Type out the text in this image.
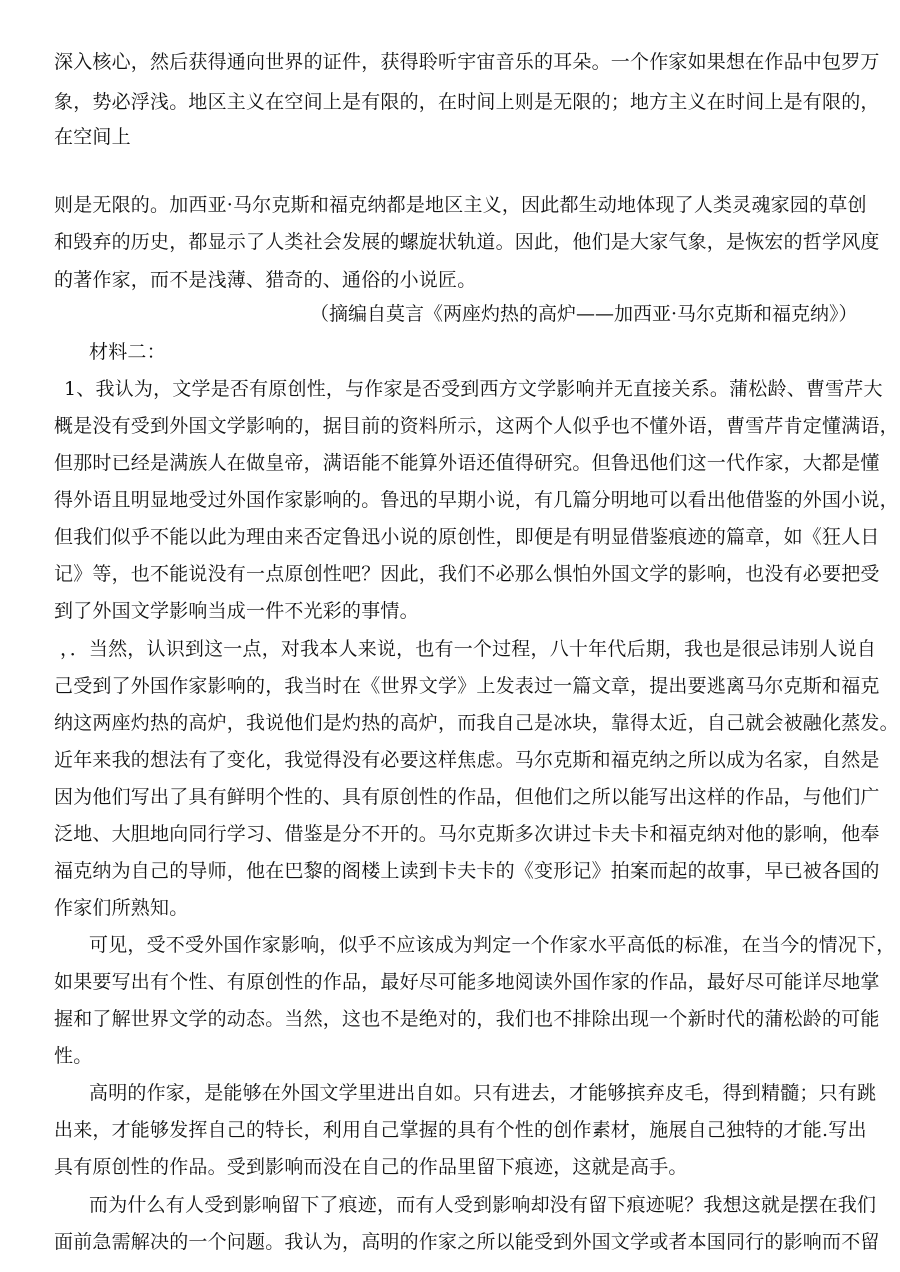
深入核心，然后获得通向世界的证件，获得聆听宇宙音乐的耳朵。一个作家如果想在作品中包罗万
象，势必浮浅。地区主义在空间上是有限的，在时间上则是无限的；地方主义在时间上是有限的，
在空间上
则是无限的。加西亚·马尔克斯和福克纳都是地区主义，因此都生动地体现了人类灵魂家园的草创
和毁弃的历史，都显示了人类社会发展的螺旋状轨道。因此，他们是大家气象，是恢宏的哲学风度
的著作家，而不是浅薄、猎奇的、通俗的小说匠。
（摘编自莫言《两座灼热的高炉——加西亚·马尔克斯和福克纳》）
材料二：
1、我认为，文学是否有原创性，与作家是否受到西方文学影响并无直接关系。蒲松龄、曹雪芹大
概是没有受到外国文学影响的，据目前的资料所示，这两个人似乎也不懂外语，曹雪芹肯定懂满语，
但那时已经是满族人在做皇帝，满语能不能算外语还值得研究。但鲁迅他们这一代作家，大都是懂
得外语且明显地受过外国作家影响的。鲁迅的早期小说，有几篇分明地可以看出他借鉴的外国小说，
但我们似乎不能以此为理由来否定鲁迅小说的原创性，即便是有明显借鉴痕迹的篇章，如《狂人日
记》等，也不能说没有一点原创性吧？因此，我们不必那么惧怕外国文学的影响，也没有必要把受
到了外国文学影响当成一件不光彩的事情。
，．当然，认识到这一点，对我本人来说，也有一个过程，八十年代后期，我也是很忌讳别人说自
己受到了外国作家影响的，我当时在《世界文学》上发表过一篇文章，提出要逃离马尔克斯和福克
纳这两座灼热的高炉，我说他们是灼热的高炉，而我自己是冰块，靠得太近，自己就会被融化蒸发。
近年来我的想法有了变化，我觉得没有必要这样焦虑。马尔克斯和福克纳之所以成为名家，自然是
因为他们写出了具有鲜明个性的、具有原创性的作品，但他们之所以能写出这样的作品，与他们广
泛地、大胆地向同行学习、借鉴是分不开的。马尔克斯多次讲过卡夫卡和福克纳对他的影响，他奉
福克纳为自己的导师，他在巴黎的阁楼上读到卡夫卡的《变形记》拍案而起的故事，早已被各国的
作家们所熟知。
可见，受不受外国作家影响，似乎不应该成为判定一个作家水平高低的标准，在当今的情况下，
如果要写出有个性、有原创性的作品，最好尽可能多地阅读外国作家的作品，最好尽可能详尽地掌
握和了解世界文学的动态。当然，这也不是绝对的，我们也不排除出现一个新时代的蒲松龄的可能
性。
高明的作家，是能够在外国文学里进出自如。只有进去，才能够摈弃皮毛，得到精髓；只有跳
出来，才能够发挥自己的特长，利用自己掌握的具有个性的创作素材，施展自己独特的才能.写出
具有原创性的作品。受到影响而没在自己的作品里留下痕迹，这就是高手。
而为什么有人受到影响留下了痕迹，而有人受到影响却没有留下痕迹呢？我想这就是摆在我们
面前急需解决的一个问题。我认为，高明的作家之所以能受到外国文学或者本国同行的影响而不留
